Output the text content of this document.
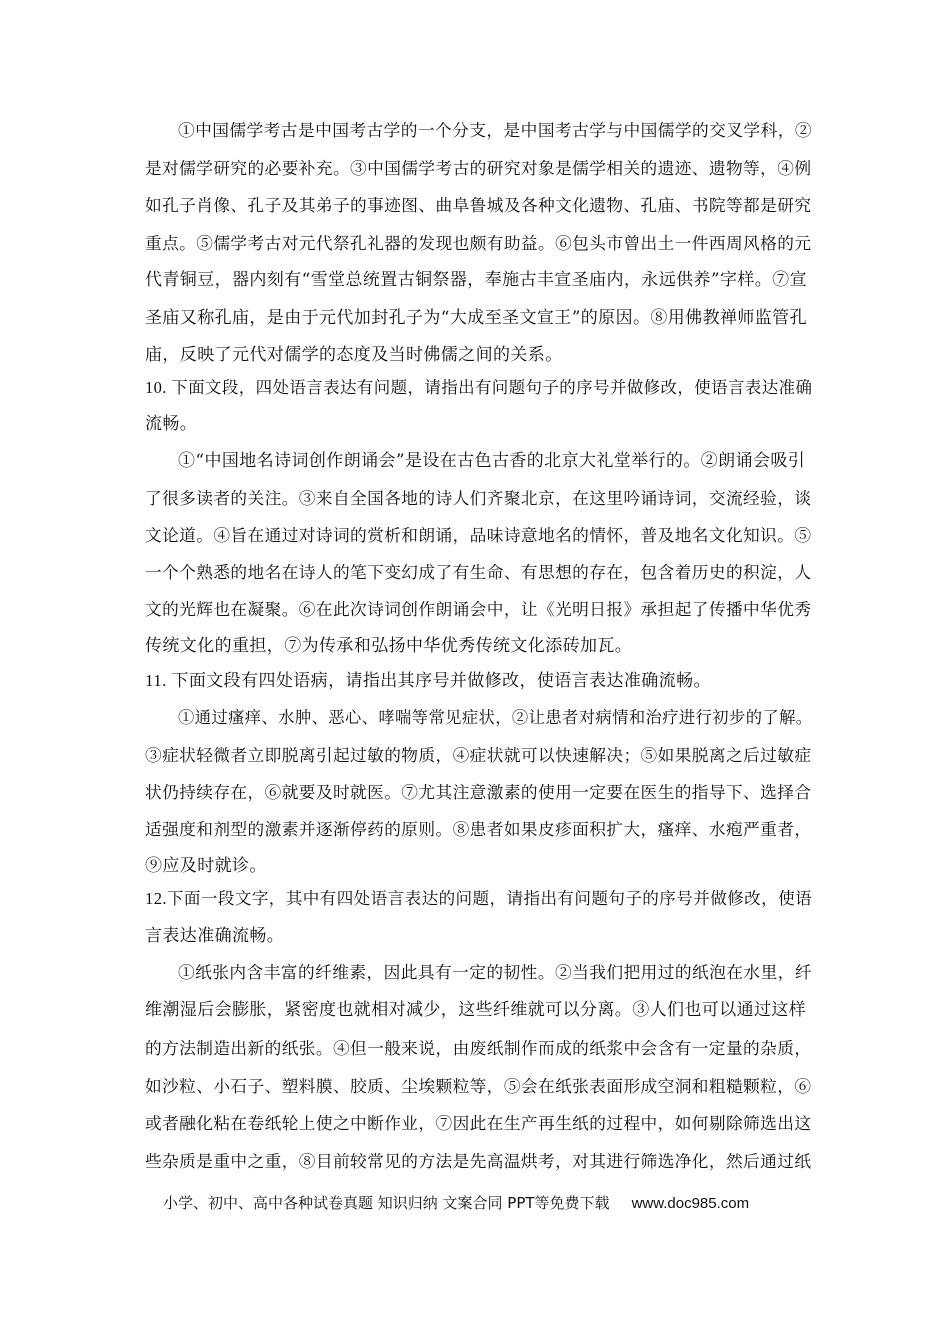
①中国儒学考古是中国考古学的一个分支，是中国考古学与中国儒学的交叉学科，②
是对儒学研究的必要补充。③中国儒学考古的研究对象是儒学相关的遗迹、遗物等，④例
如孔子肖像、孔子及其弟子的事迹图、曲阜鲁城及各种文化遗物、孔庙、书院等都是研究
重点。⑤儒学考古对元代祭孔礼器的发现也颇有助益。⑥包头市曾出土一件西周风格的元
代青铜豆，器内刻有“雪堂总统置古铜祭器，奉施古丰宣圣庙内，永远供养”字样。⑦宣
圣庙又称孔庙，是由于元代加封孔子为“大成至圣文宣王”的原因。⑧用佛教禅师监管孔
庙，反映了元代对儒学的态度及当时佛儒之间的关系。
10. 下面文段，四处语言表达有问题，请指出有问题句子的序号并做修改，使语言表达准确
流畅。
①“中国地名诗词创作朗诵会”是设在古色古香的北京大礼堂举行的。②朗诵会吸引
了很多读者的关注。③来自全国各地的诗人们齐聚北京，在这里吟诵诗词，交流经验，谈
文论道。④旨在通过对诗词的赏析和朗诵，品味诗意地名的情怀，普及地名文化知识。⑤
一个个熟悉的地名在诗人的笔下变幻成了有生命、有思想的存在，包含着历史的积淀，人
文的光辉也在凝聚。⑥在此次诗词创作朗诵会中，让《光明日报》承担起了传播中华优秀
传统文化的重担，⑦为传承和弘扬中华优秀传统文化添砖加瓦。
11. 下面文段有四处语病，请指出其序号并做修改，使语言表达准确流畅。
①通过瘙痒、水肿、恶心、哮喘等常见症状，②让患者对病情和治疗进行初步的了解。
③症状轻微者立即脱离引起过敏的物质，④症状就可以快速解决；⑤如果脱离之后过敏症
状仍持续存在，⑥就要及时就医。⑦尤其注意激素的使用一定要在医生的指导下、选择合
适强度和剂型的激素并逐渐停药的原则。⑧患者如果皮疹面积扩大，瘙痒、水疱严重者，
⑨应及时就诊。
12.下面一段文字，其中有四处语言表达的问题，请指出有问题句子的序号并做修改，使语
言表达准确流畅。
①纸张内含丰富的纤维素，因此具有一定的韧性。②当我们把用过的纸泡在水里，纤
维潮湿后会膨胀，紧密度也就相对减少，这些纤维就可以分离。③人们也可以通过这样
的方法制造出新的纸张。④但一般来说，由废纸制作而成的纸浆中会含有一定量的杂质，
如沙粒、小石子、塑料膜、胶质、尘埃颗粒等，⑤会在纸张表面形成空洞和粗糙颗粒，⑥
或者融化粘在卷纸轮上使之中断作业，⑦因此在生产再生纸的过程中，如何剔除筛选出这
些杂质是重中之重，⑧目前较常见的方法是先高温烘考，对其进行筛选净化，然后通过纸
小学、初中、高中各种试卷真题 知识归纳 文案合同 PPT等免费下载 www.doc985.com
